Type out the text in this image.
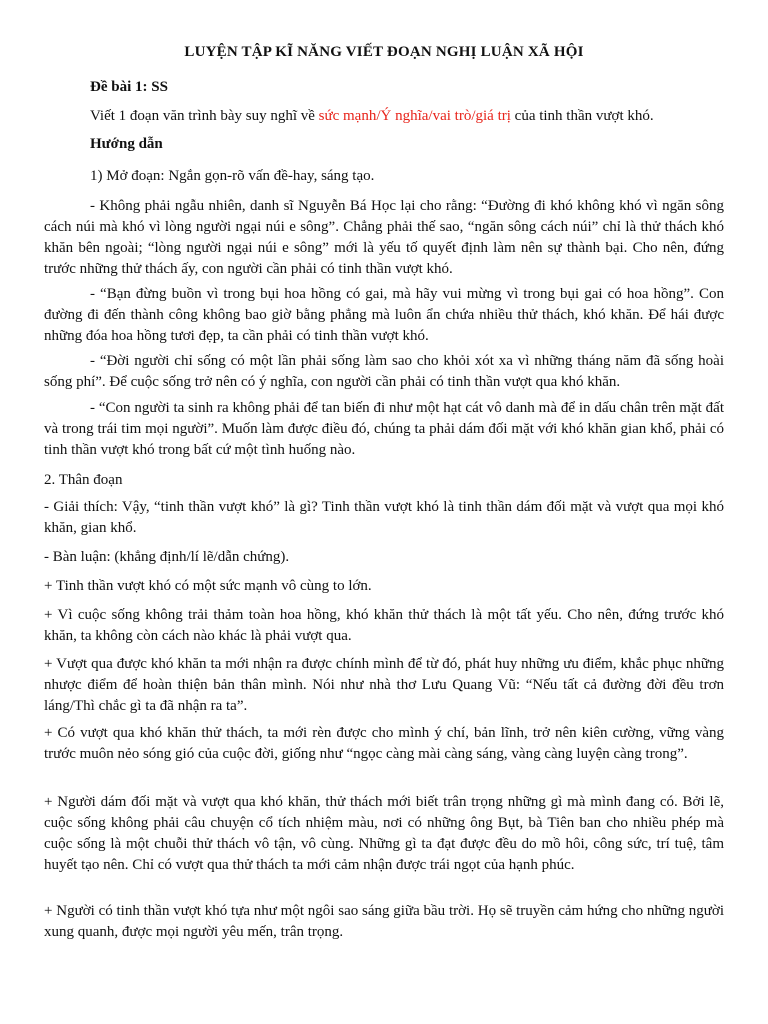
LUYỆN TẬP KĨ NĂNG VIẾT ĐOẠN NGHỊ LUẬN XÃ HỘI
Đề bài 1: SS
Viết 1 đoạn văn trình bày suy nghĩ về sức mạnh/Ý nghĩa/vai trò/giá trị của tinh thần vượt khó.
Hướng dẫn
1) Mở đoạn: Ngắn gọn-rõ vấn đề-hay, sáng tạo.
- Không phải ngẫu nhiên, danh sĩ Nguyễn Bá Học lại cho rằng: “Đường đi khó không khó vì ngăn sông cách núi mà khó vì lòng người ngại núi e sông”. Chẳng phải thế sao, “ngăn sông cách núi” chỉ là thử thách khó khăn bên ngoài; “lòng người ngại núi e sông” mới là yếu tố quyết định làm nên sự thành bại. Cho nên, đứng trước những thử thách ấy, con người cần phải có tinh thần vượt khó.
- “Bạn đừng buồn vì trong bụi hoa hồng có gai, mà hãy vui mừng vì trong bụi gai có hoa hồng”. Con đường đi đến thành công không bao giờ bằng phẳng mà luôn ẩn chứa nhiều thử thách, khó khăn. Để hái được những đóa hoa hồng tươi đẹp, ta cần phải có tinh thần vượt khó.
- “Đời người chỉ sống có một lần phải sống làm sao cho khỏi xót xa vì những tháng năm đã sống hoài sống phí”. Để cuộc sống trở nên có ý nghĩa, con người cần phải có tinh thần vượt qua khó khăn.
- “Con người ta sinh ra không phải để tan biến đi như một hạt cát vô danh mà để in dấu chân trên mặt đất và trong trái tim mọi người”. Muốn làm được điều đó, chúng ta phải dám đối mặt với khó khăn gian khổ, phải có tinh thần vượt khó trong bất cứ một tình huống nào.
2. Thân đoạn
- Giải thích: Vậy, “tinh thần vượt khó” là gì? Tinh thần vượt khó là tinh thần dám đối mặt và vượt qua mọi khó khăn, gian khổ.
- Bàn luận: (khẳng định/lí lẽ/dẫn chứng).
+ Tinh thần vượt khó có một sức mạnh vô cùng to lớn.
+ Vì cuộc sống không trải thảm toàn hoa hồng, khó khăn thử thách là một tất yếu. Cho nên, đứng trước khó khăn, ta không còn cách nào khác là phải vượt qua.
+ Vượt qua được khó khăn ta mới nhận ra được chính mình để từ đó, phát huy những ưu điểm, khắc phục những nhược điểm để hoàn thiện bản thân mình. Nói như nhà thơ Lưu Quang Vũ: “Nếu tất cả đường đời đều trơn láng/Thì chắc gì ta đã nhận ra ta”.
+ Có vượt qua khó khăn thử thách, ta mới rèn được cho mình ý chí, bản lĩnh, trở nên kiên cường, vững vàng trước muôn nẻo sóng gió của cuộc đời, giống như “ngọc càng mài càng sáng, vàng càng luyện càng trong”.
+ Người dám đối mặt và vượt qua khó khăn, thử thách mới biết trân trọng những gì mà mình đang có. Bởi lẽ, cuộc sống không phải câu chuyện cổ tích nhiệm màu, nơi có những ông Bụt, bà Tiên ban cho nhiều phép mà cuộc sống là một chuỗi thử thách vô tận, vô cùng. Những gì ta đạt được đều do mồ hôi, công sức, trí tuệ, tâm huyết tạo nên. Chỉ có vượt qua thử thách ta mới cảm nhận được trái ngọt của hạnh phúc.
+ Người có tinh thần vượt khó tựa như một ngôi sao sáng giữa bầu trời. Họ sẽ truyền cảm hứng cho những người xung quanh, được mọi người yêu mến, trân trọng.
